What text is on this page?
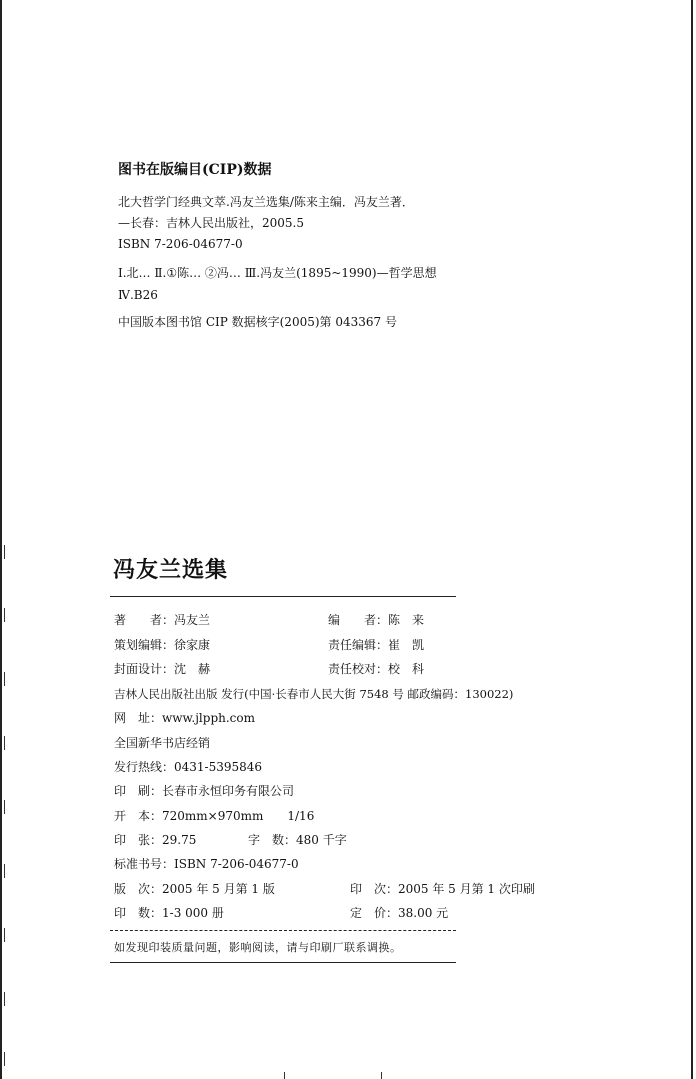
图书在版编目(CIP)数据
北大哲学门经典文萃.冯友兰选集/陈来主编．冯友兰著．
—长春：吉林人民出版社，2005.5
ISBN 7-206-04677-0
Ⅰ.北… Ⅱ.①陈… ②冯… Ⅲ.冯友兰(1895~1990)—哲学思想
Ⅳ.B26
中国版本图书馆 CIP 数据核字(2005)第 043367 号
冯友兰选集
著　　者：冯友兰	编　　者：陈　来
策划编辑：徐家康	责任编辑：崔　凯
封面设计：沈　赫	责任校对：校　科
吉林人民出版社出版 发行(中国·长春市人民大街 7548 号 邮政编码：130022)
网　址：www.jlpph.com
全国新华书店经销
发行热线：0431-5395846
印　刷：长春市永恒印务有限公司
开　本：720mm×970mm　　1/16
印　张：29.75	字　数：480 千字
标准书号：ISBN 7-206-04677-0
版　次：2005 年 5 月第 1 版	印　次：2005 年 5 月第 1 次印刷
印　数：1-3 000 册	定　价：38.00 元
如发现印装质量问题，影响阅读，请与印刷厂联系调换。
